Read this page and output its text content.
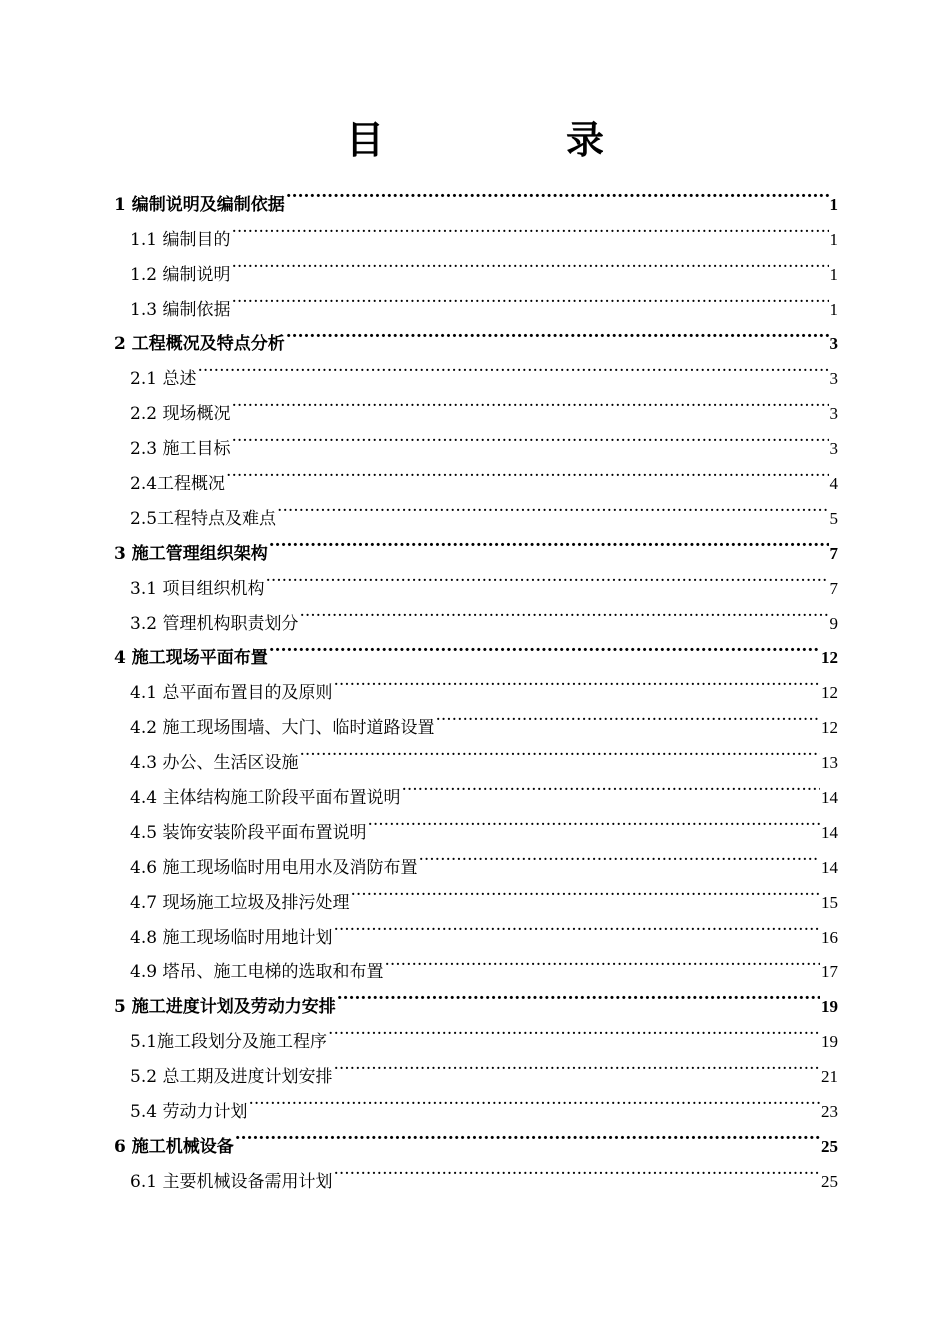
目　录
1 编制说明及编制依据 .....	1
1.1 编制目的 .....	1
1.2 编制说明 .....	1
1.3 编制依据 .....	1
2 工程概况及特点分析 .....	3
2.1 总述 .....	3
2.2 现场概况 .....	3
2.3 施工目标 .....	3
2.4工程概况 .....	4
2.5工程特点及难点 .....	5
3 施工管理组织架构 .....	7
3.1 项目组织机构 .....	7
3.2 管理机构职责划分 .....	9
4 施工现场平面布置 .....	12
4.1 总平面布置目的及原则 .....	12
4.2 施工现场围墙、大门、临时道路设置 .....	12
4.3 办公、生活区设施 .....	13
4.4 主体结构施工阶段平面布置说明 .....	14
4.5 装饰安装阶段平面布置说明 .....	14
4.6 施工现场临时用电用水及消防布置 .....	14
4.7 现场施工垃圾及排污处理 .....	15
4.8 施工现场临时用地计划 .....	16
4.9 塔吊、施工电梯的选取和布置 .....	17
5 施工进度计划及劳动力安排 .....	19
5.1施工段划分及施工程序 .....	19
5.2 总工期及进度计划安排 .....	21
5.4 劳动力计划 .....	23
6 施工机械设备 .....	25
6.1 主要机械设备需用计划 .....	25
